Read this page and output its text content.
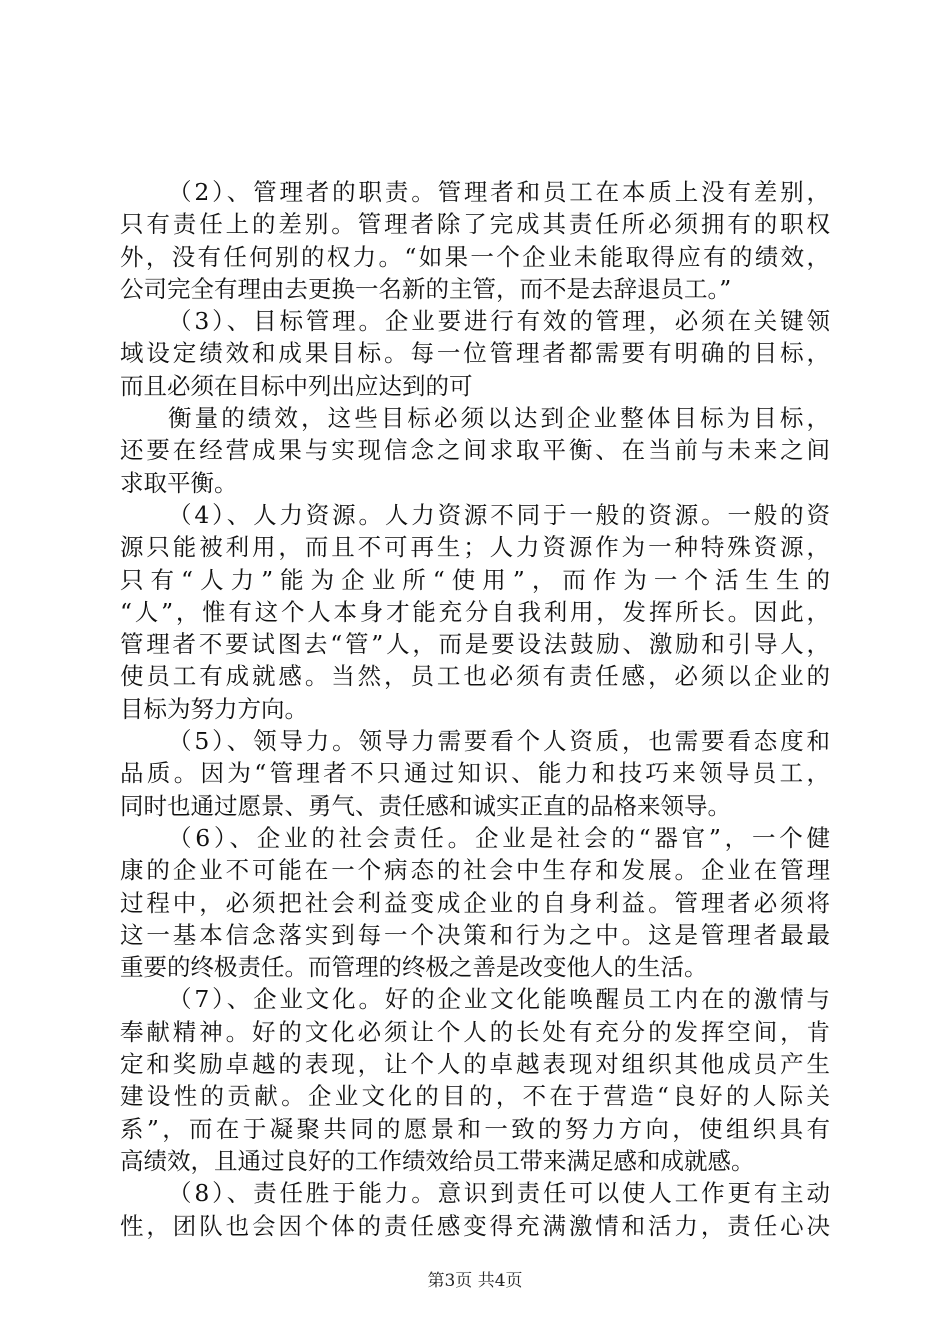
（2）、管理者的职责。管理者和员工在本质上没有差别，
只有责任上的差别。管理者除了完成其责任所必须拥有的职权
外，没有任何别的权力。“如果一个企业未能取得应有的绩效，
公司完全有理由去更换一名新的主管，而不是去辞退员工。”
（3）、目标管理。企业要进行有效的管理，必须在关键领
域设定绩效和成果目标。每一位管理者都需要有明确的目标，
而且必须在目标中列出应达到的可
衡量的绩效，这些目标必须以达到企业整体目标为目标，
还要在经营成果与实现信念之间求取平衡、在当前与未来之间
求取平衡。
（4）、人力资源。人力资源不同于一般的资源。一般的资
源只能被利用，而且不可再生；人力资源作为一种特殊资源，
只有“人力”能为企业所“使用”，而作为一个活生生的
“人”，惟有这个人本身才能充分自我利用，发挥所长。因此，
管理者不要试图去“管”人，而是要设法鼓励、激励和引导人，
使员工有成就感。当然，员工也必须有责任感，必须以企业的
目标为努力方向。
（5）、领导力。领导力需要看个人资质，也需要看态度和
品质。因为“管理者不只通过知识、能力和技巧来领导员工，
同时也通过愿景、勇气、责任感和诚实正直的品格来领导。
（6）、企业的社会责任。企业是社会的“器官”，一个健
康的企业不可能在一个病态的社会中生存和发展。企业在管理
过程中，必须把社会利益变成企业的自身利益。管理者必须将
这一基本信念落实到每一个决策和行为之中。这是管理者最最
重要的终极责任。而管理的终极之善是改变他人的生活。
（7）、企业文化。好的企业文化能唤醒员工内在的激情与
奉献精神。好的文化必须让个人的长处有充分的发挥空间，肯
定和奖励卓越的表现，让个人的卓越表现对组织其他成员产生
建设性的贡献。企业文化的目的，不在于营造“良好的人际关
系”，而在于凝聚共同的愿景和一致的努力方向，使组织具有
高绩效，且通过良好的工作绩效给员工带来满足感和成就感。
（8）、责任胜于能力。意识到责任可以使人工作更有主动
性，团队也会因个体的责任感变得充满激情和活力，责任心决
第3页 共4页
